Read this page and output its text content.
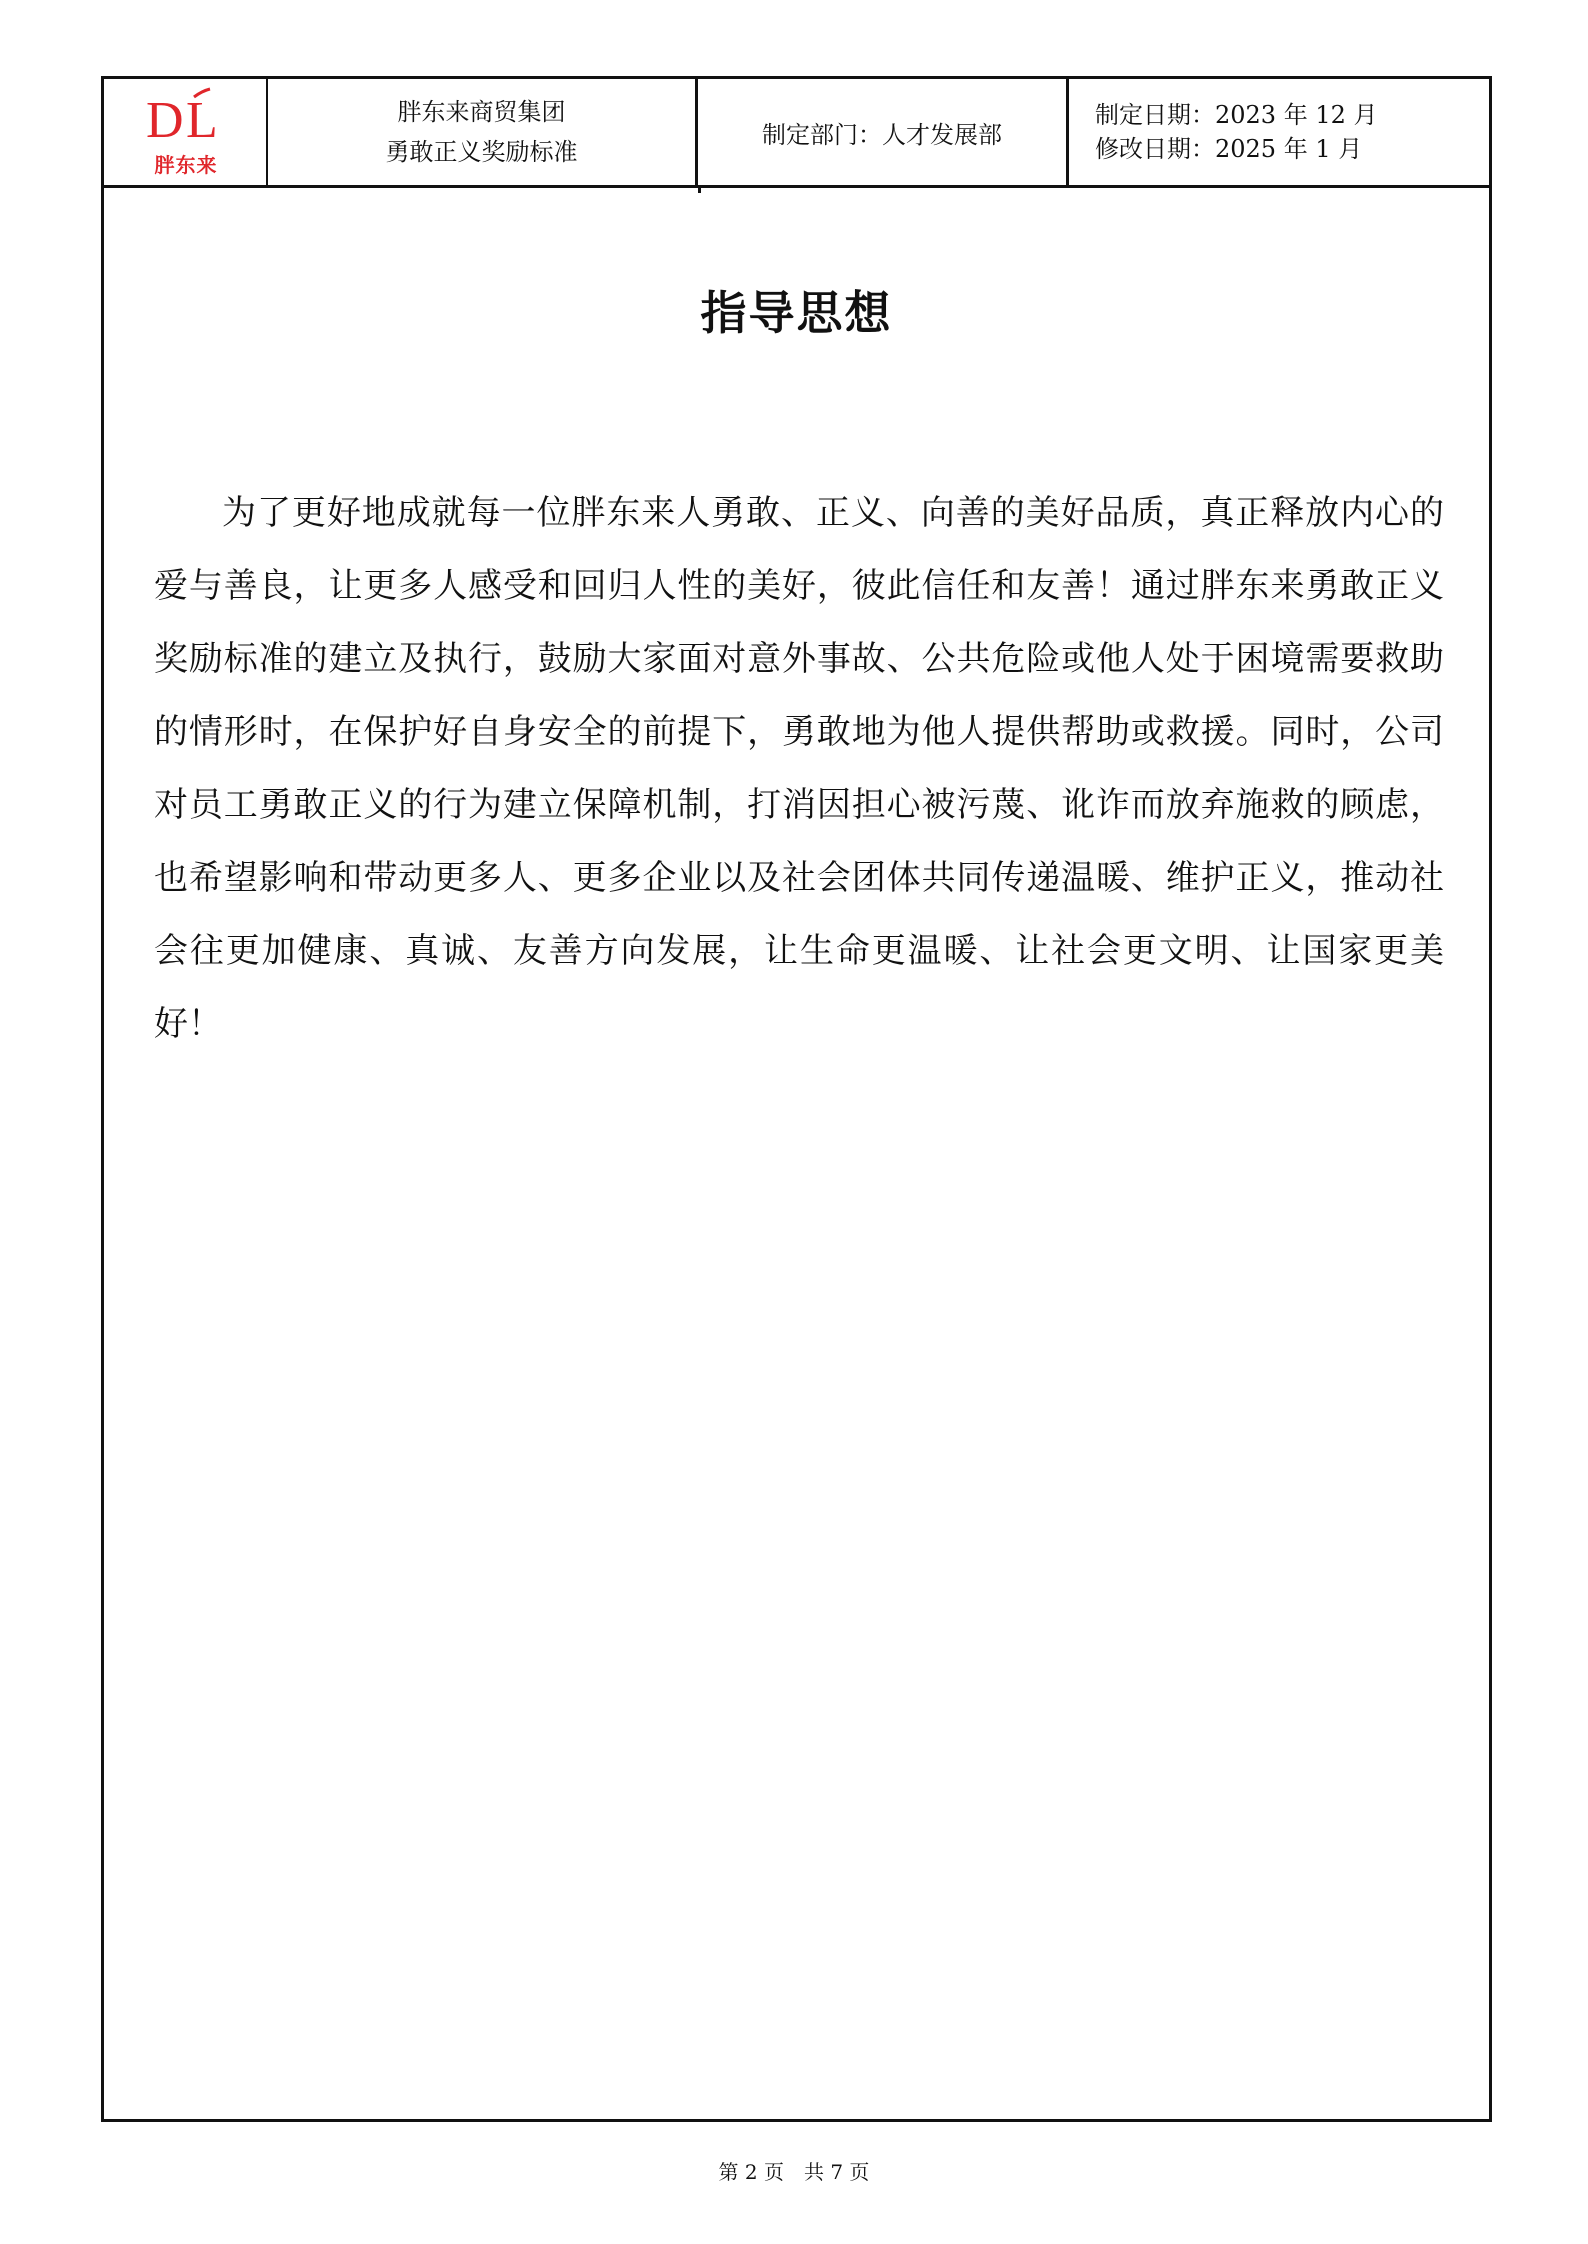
D L
胖东来
胖东来商贸集团
勇敢正义奖励标准
制定部门：人才发展部
制定日期：2023 年 12 月
修改日期：2025 年 1 月
指导思想

为了更好地成就每一位胖东来人勇敢、正义、向善的美好品质，真正释放内心的爱与善良，让更多人感受和回归人性的美好，彼此信任和友善！通过胖东来勇敢正义奖励标准的建立及执行，鼓励大家面对意外事故、公共危险或他人处于困境需要救助的情形时，在保护好自身安全的前提下，勇敢地为他人提供帮助或救援。同时，公司对员工勇敢正义的行为建立保障机制，打消因担心被污蔑、讹诈而放弃施救的顾虑，也希望影响和带动更多人、更多企业以及社会团体共同传递温暖、维护正义，推动社会往更加健康、真诚、友善方向发展，让生命更温暖、让社会更文明、让国家更美好！

第 2 页　共 7 页
